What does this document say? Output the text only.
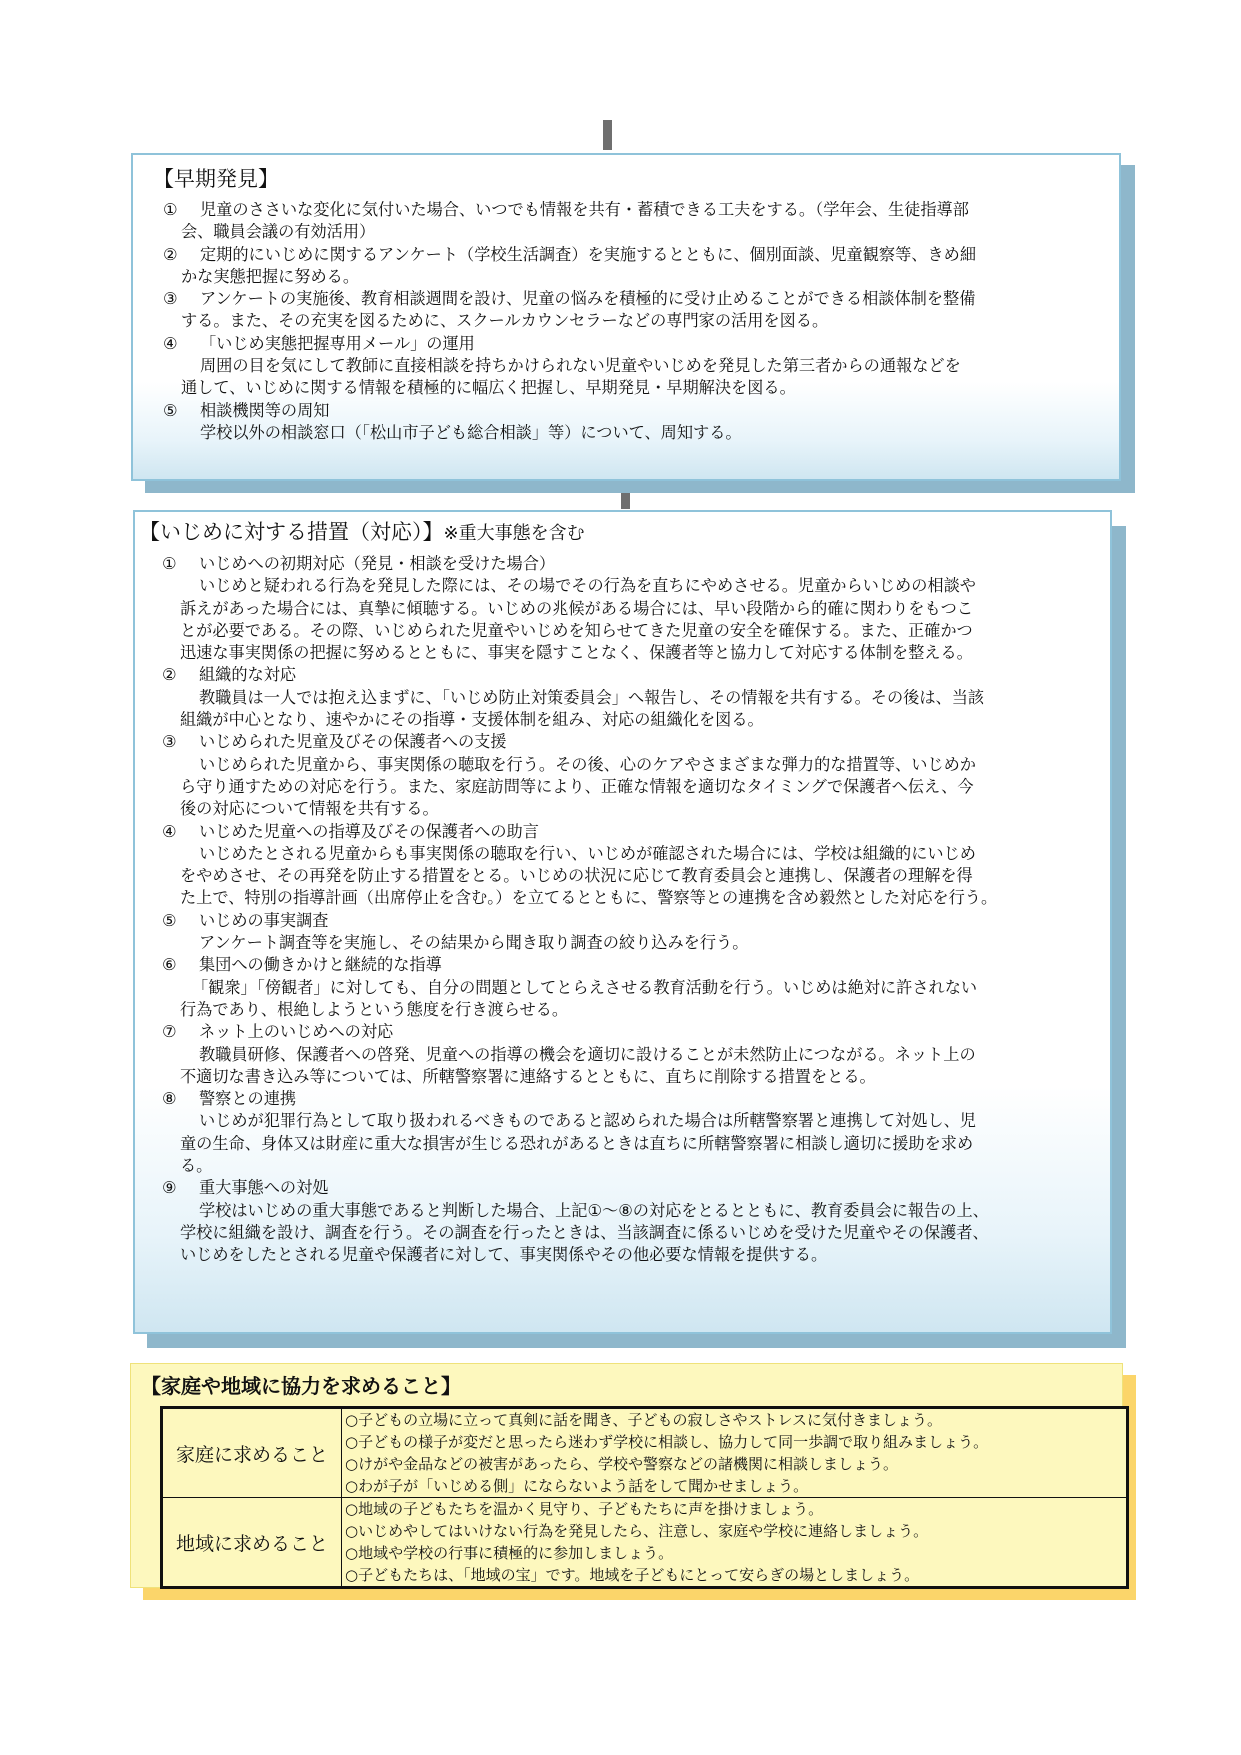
【早期発見】
①	児童のささいな変化に気付いた場合、いつでも情報を共有・蓄積できる工夫をする。（学年会、生徒指導部
会、職員会議の有効活用）
②	定期的にいじめに関するアンケート（学校生活調査）を実施するとともに、個別面談、児童観察等、きめ細
かな実態把握に努める。
③	アンケートの実施後、教育相談週間を設け、児童の悩みを積極的に受け止めることができる相談体制を整備
する。また、その充実を図るために、スクールカウンセラーなどの専門家の活用を図る。
④	「いじめ実態把握専用メール」の運用
周囲の目を気にして教師に直接相談を持ちかけられない児童やいじめを発見した第三者からの通報などを
通して、いじめに関する情報を積極的に幅広く把握し、早期発見・早期解決を図る。
⑤	相談機関等の周知
学校以外の相談窓口（「松山市子ども総合相談」等）について、周知する。
【いじめに対する措置（対応）】※重大事態を含む
①	いじめへの初期対応（発見・相談を受けた場合）
いじめと疑われる行為を発見した際には、その場でその行為を直ちにやめさせる。児童からいじめの相談や
訴えがあった場合には、真摯に傾聴する。いじめの兆候がある場合には、早い段階から的確に関わりをもつこ
とが必要である。その際、いじめられた児童やいじめを知らせてきた児童の安全を確保する。また、正確かつ
迅速な事実関係の把握に努めるとともに、事実を隠すことなく、保護者等と協力して対応する体制を整える。
②	組織的な対応
教職員は一人では抱え込まずに、「いじめ防止対策委員会」へ報告し、その情報を共有する。その後は、当該
組織が中心となり、速やかにその指導・支援体制を組み、対応の組織化を図る。
③	いじめられた児童及びその保護者への支援
いじめられた児童から、事実関係の聴取を行う。その後、心のケアやさまざまな弾力的な措置等、いじめか
ら守り通すための対応を行う。また、家庭訪問等により、正確な情報を適切なタイミングで保護者へ伝え、今
後の対応について情報を共有する。
④	いじめた児童への指導及びその保護者への助言
いじめたとされる児童からも事実関係の聴取を行い、いじめが確認された場合には、学校は組織的にいじめ
をやめさせ、その再発を防止する措置をとる。いじめの状況に応じて教育委員会と連携し、保護者の理解を得
た上で、特別の指導計画（出席停止を含む。）を立てるとともに、警察等との連携を含め毅然とした対応を行う。
⑤	いじめの事実調査
アンケート調査等を実施し、その結果から聞き取り調査の絞り込みを行う。
⑥	集団への働きかけと継続的な指導
「観衆」「傍観者」に対しても、自分の問題としてとらえさせる教育活動を行う。いじめは絶対に許されない
行為であり、根絶しようという態度を行き渡らせる。
⑦	ネット上のいじめへの対応
教職員研修、保護者への啓発、児童への指導の機会を適切に設けることが未然防止につながる。ネット上の
不適切な書き込み等については、所轄警察署に連絡するとともに、直ちに削除する措置をとる。
⑧	警察との連携
いじめが犯罪行為として取り扱われるべきものであると認められた場合は所轄警察署と連携して対処し、児
童の生命、身体又は財産に重大な損害が生じる恐れがあるときは直ちに所轄警察署に相談し適切に援助を求め
る。
⑨	重大事態への対処
学校はいじめの重大事態であると判断した場合、上記①～⑧の対応をとるとともに、教育委員会に報告の上、
学校に組織を設け、調査を行う。その調査を行ったときは、当該調査に係るいじめを受けた児童やその保護者、
いじめをしたとされる児童や保護者に対して、事実関係やその他必要な情報を提供する。
【家庭や地域に協力を求めること】
家庭に求めること	○子どもの立場に立って真剣に話を聞き、子どもの寂しさやストレスに気付きましょう。
○子どもの様子が変だと思ったら迷わず学校に相談し、協力して同一歩調で取り組みましょう。
○けがや金品などの被害があったら、学校や警察などの諸機関に相談しましょう。
○わが子が「いじめる側」にならないよう話をして聞かせましょう。

地域に求めること	○地域の子どもたちを温かく見守り、子どもたちに声を掛けましょう。
○いじめやしてはいけない行為を発見したら、注意し、家庭や学校に連絡しましょう。
○地域や学校の行事に積極的に参加しましょう。
○子どもたちは、「地域の宝」です。地域を子どもにとって安らぎの場としましょう。
